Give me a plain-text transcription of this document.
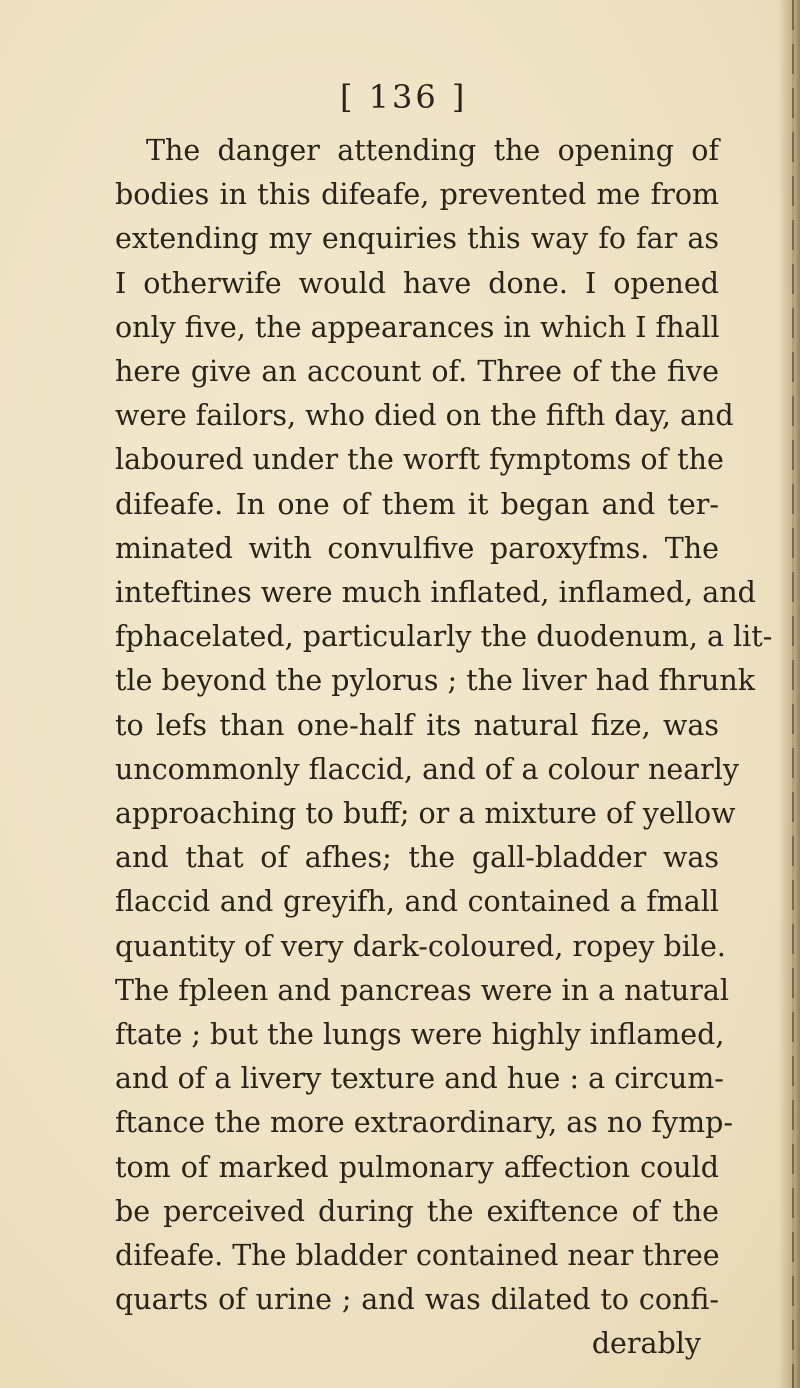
[ 136 ]
The danger attending the opening of
bodies in this difeafe, prevented me from
extending my enquiries this way fo far as
I otherwife would have done. I opened
only five, the appearances in which I fhall
here give an account of. Three of the five
were failors, who died on the fifth day, and
laboured under the worft fymptoms of the
difeafe. In one of them it began and ter-
minated with convulfive paroxyfms. The
inteftines were much inflated, inflamed, and
fphacelated, particularly the duodenum, a lit-
tle beyond the pylorus ; the liver had fhrunk
to lefs than one-half its natural fize, was
uncommonly flaccid, and of a colour nearly
approaching to buff; or a mixture of yellow
and that of afhes; the gall-bladder was
flaccid and greyifh, and contained a fmall
quantity of very dark-coloured, ropey bile.
The fpleen and pancreas were in a natural
ftate ; but the lungs were highly inflamed,
and of a livery texture and hue : a circum-
ftance the more extraordinary, as no fymp-
tom of marked pulmonary affection could
be perceived during the exiftence of the
difeafe. The bladder contained near three
quarts of urine ; and was dilated to confi-
derably
